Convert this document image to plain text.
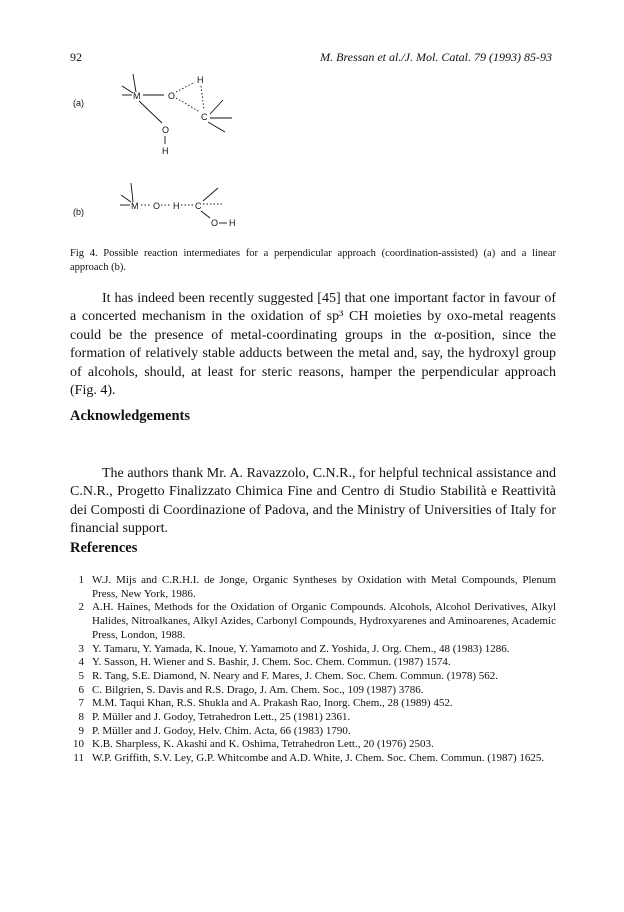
92	M. Bressan et al./J. Mol. Catal. 79 (1993) 85-93
(a)
M	O
H
C
O
H
(b)
M O H C
O H

Fig 4. Possible reaction intermediates for a perpendicular approach (coordination-assisted) (a) and a linear approach (b).

It has indeed been recently suggested [45] that one important factor in favour of a concerted mechanism in the oxidation of sp³ CH moieties by oxo-metal reagents could be the presence of metal-coordinating groups in the α-position, since the formation of relatively stable adducts between the metal and, say, the hydroxyl group of alcohols, should, at least for steric reasons, hamper the perpendicular approach (Fig. 4).

Acknowledgements

The authors thank Mr. A. Ravazzolo, C.N.R., for helpful technical assistance and C.N.R., Progetto Finalizzato Chimica Fine and Centro di Studio Stabilità e Reattività dei Composti di Coordinazione of Padova, and the Ministry of Universities of Italy for financial support.

References
1 W.J. Mijs and C.R.H.I. de Jonge, Organic Syntheses by Oxidation with Metal Compounds, Plenum Press, New York, 1986.
2 A.H. Haines, Methods for the Oxidation of Organic Compounds. Alcohols, Alcohol Derivatives, Alkyl Halides, Nitroalkanes, Alkyl Azides, Carbonyl Compounds, Hydroxyarenes and Aminoarenes, Academic Press, London, 1988.
3 Y. Tamaru, Y. Yamada, K. Inoue, Y. Yamamoto and Z. Yoshida, J. Org. Chem., 48 (1983) 1286.
4 Y. Sasson, H. Wiener and S. Bashir, J. Chem. Soc. Chem. Commun. (1987) 1574.
5 R. Tang, S.E. Diamond, N. Neary and F. Mares, J. Chem. Soc. Chem. Commun. (1978) 562.
6 C. Bilgrien, S. Davis and R.S. Drago, J. Am. Chem. Soc., 109 (1987) 3786.
7 M.M. Taqui Khan, R.S. Shukla and A. Prakash Rao, Inorg. Chem., 28 (1989) 452.
8 P. Müller and J. Godoy, Tetrahedron Lett., 25 (1981) 2361.
9 P. Müller and J. Godoy, Helv. Chim. Acta, 66 (1983) 1790.
10 K.B. Sharpless, K. Akashi and K. Oshima, Tetrahedron Lett., 20 (1976) 2503.
11 W.P. Griffith, S.V. Ley, G.P. Whitcombe and A.D. White, J. Chem. Soc. Chem. Commun. (1987) 1625.
